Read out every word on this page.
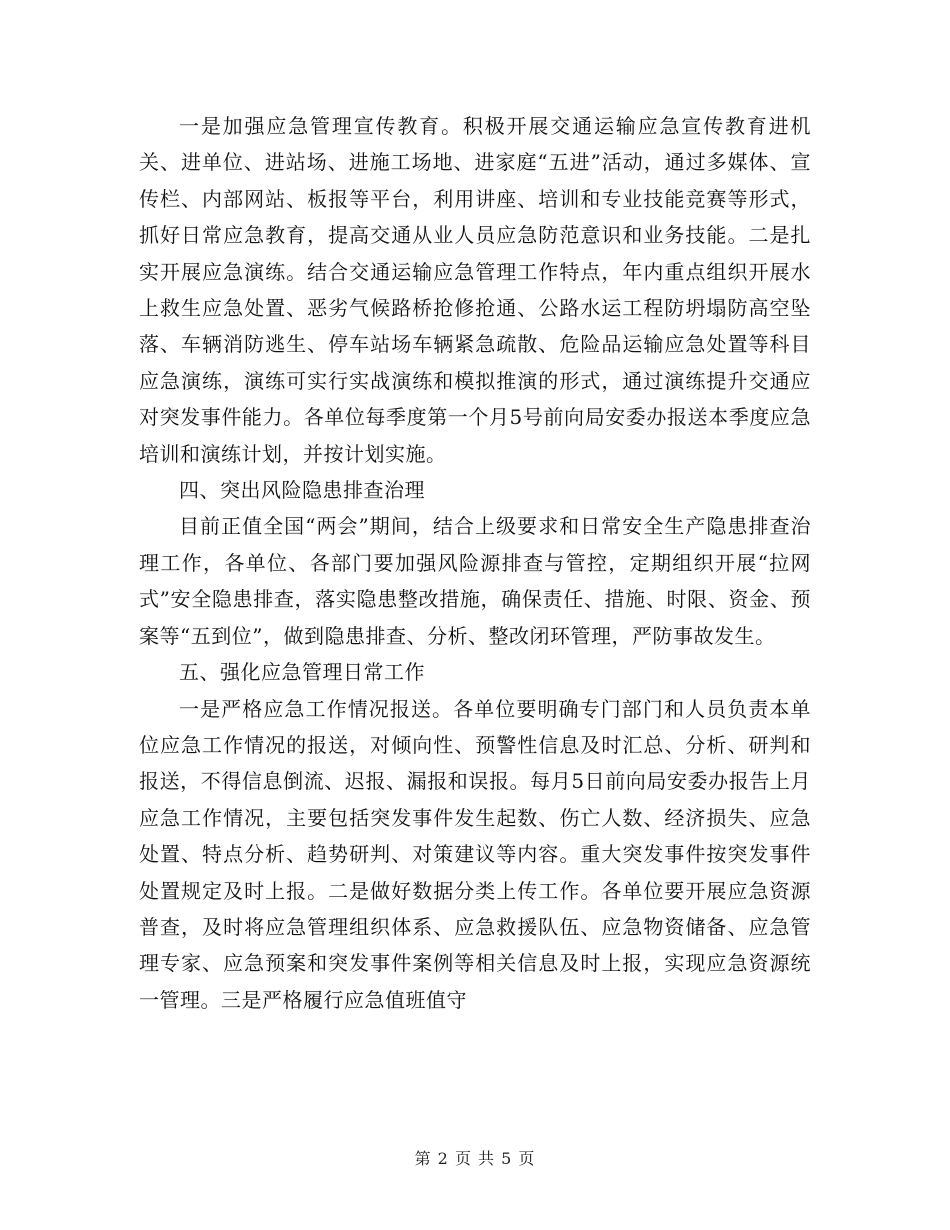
一是加强应急管理宣传教育。积极开展交通运输应急宣传教育进机关、进单位、进站场、进施工场地、进家庭“五进”活动，通过多媒体、宣传栏、内部网站、板报等平台，利用讲座、培训和专业技能竞赛等形式，抓好日常应急教育，提高交通从业人员应急防范意识和业务技能。二是扎实开展应急演练。结合交通运输应急管理工作特点，年内重点组织开展水上救生应急处置、恶劣气候路桥抢修抢通、公路水运工程防坍塌防高空坠落、车辆消防逃生、停车站场车辆紧急疏散、危险品运输应急处置等科目应急演练，演练可实行实战演练和模拟推演的形式，通过演练提升交通应对突发事件能力。各单位每季度第一个月5号前向局安委办报送本季度应急培训和演练计划，并按计划实施。

四、突出风险隐患排查治理

目前正值全国“两会”期间，结合上级要求和日常安全生产隐患排查治理工作，各单位、各部门要加强风险源排查与管控，定期组织开展“拉网式”安全隐患排查，落实隐患整改措施，确保责任、措施、时限、资金、预案等“五到位”，做到隐患排查、分析、整改闭环管理，严防事故发生。

五、强化应急管理日常工作

一是严格应急工作情况报送。各单位要明确专门部门和人员负责本单位应急工作情况的报送，对倾向性、预警性信息及时汇总、分析、研判和报送，不得信息倒流、迟报、漏报和误报。每月5日前向局安委办报告上月应急工作情况，主要包括突发事件发生起数、伤亡人数、经济损失、应急处置、特点分析、趋势研判、对策建议等内容。重大突发事件按突发事件处置规定及时上报。二是做好数据分类上传工作。各单位要开展应急资源普查，及时将应急管理组织体系、应急救援队伍、应急物资储备、应急管理专家、应急预案和突发事件案例等相关信息及时上报，实现应急资源统一管理。三是严格履行应急值班值守

第 2 页 共 5 页
